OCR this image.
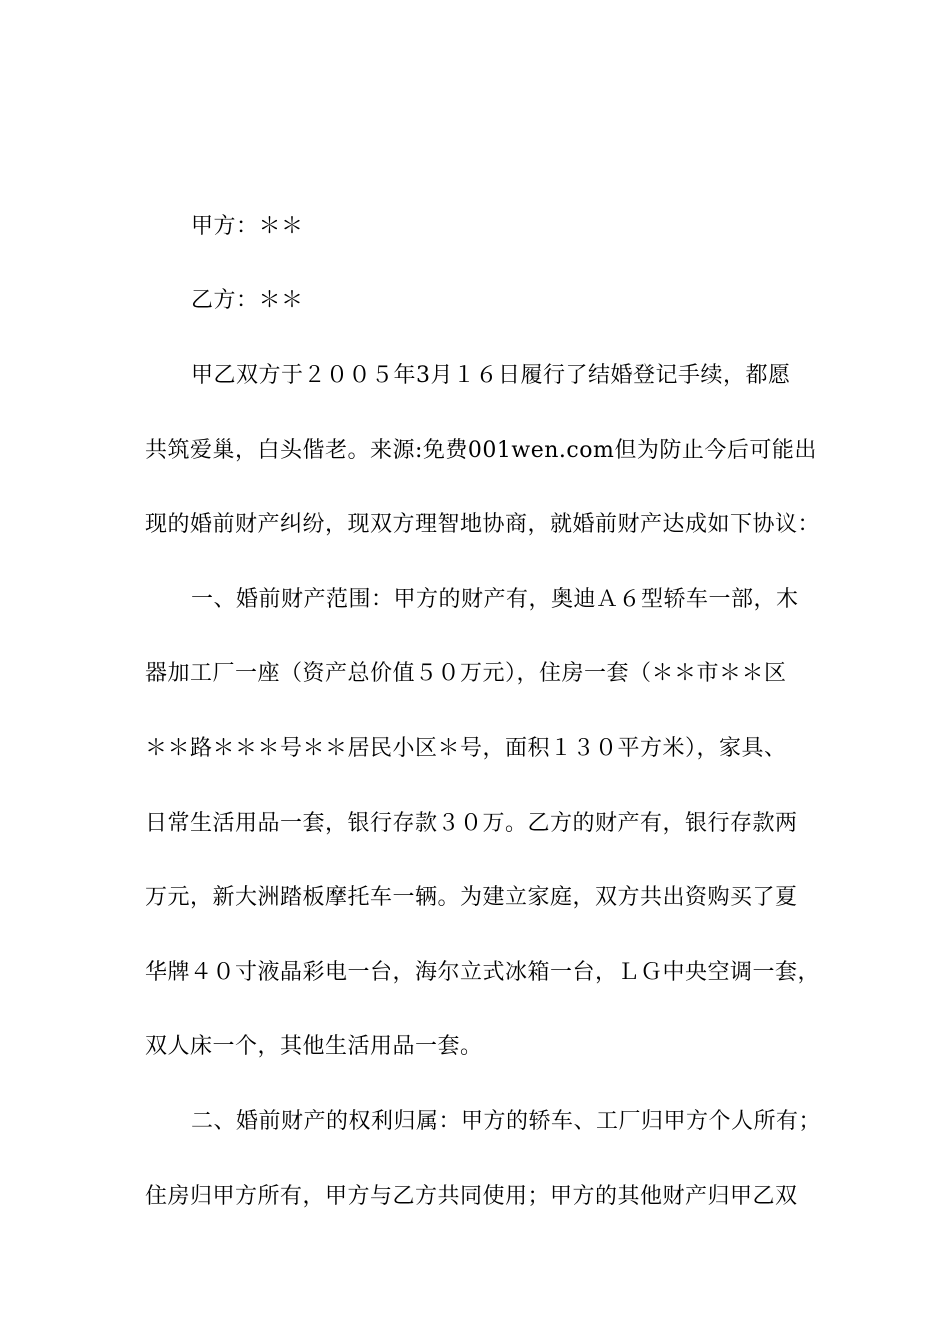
甲方：＊＊
乙方：＊＊
甲乙双方于２００５年3月１６日履行了结婚登记手续，都愿
共筑爱巢，白头偕老。来源:免费001wen.com但为防止今后可能出
现的婚前财产纠纷，现双方理智地协商，就婚前财产达成如下协议：
一、婚前财产范围：甲方的财产有，奥迪Ａ６型轿车一部，木
器加工厂一座（资产总价值５０万元），住房一套（＊＊市＊＊区
＊＊路＊＊＊号＊＊居民小区＊号，面积１３０平方米），家具、
日常生活用品一套，银行存款３０万。乙方的财产有，银行存款两
万元，新大洲踏板摩托车一辆。为建立家庭，双方共出资购买了夏
华牌４０寸液晶彩电一台，海尔立式冰箱一台，ＬＧ中央空调一套，
双人床一个，其他生活用品一套。
二、婚前财产的权利归属：甲方的轿车、工厂归甲方个人所有；
住房归甲方所有，甲方与乙方共同使用；甲方的其他财产归甲乙双
